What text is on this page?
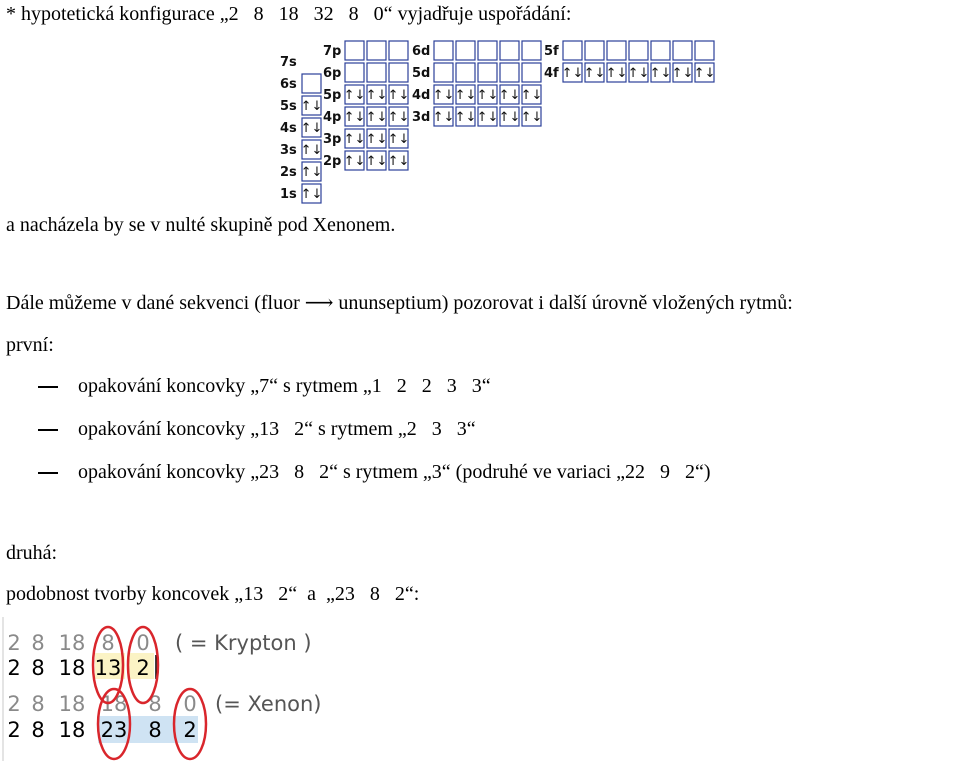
* hypotetická konfigurace „2   8   18   32   8   0“ vyjadřuje uspořádání:
7s
6s
5s ↑↓
4s ↑↓
3s ↑↓
2s ↑↓
1s ↑↓
7p
6p
5p ↑↓ ↑↓ ↑↓
4p ↑↓ ↑↓ ↑↓
3p ↑↓ ↑↓ ↑↓
2p ↑↓ ↑↓ ↑↓
6d
5d
4d ↑↓ ↑↓ ↑↓ ↑↓ ↑↓
3d ↑↓ ↑↓ ↑↓ ↑↓ ↑↓
5f
4f ↑↓ ↑↓ ↑↓ ↑↓ ↑↓ ↑↓ ↑↓
a nacházela by se v nulté skupině pod Xenonem.
Dále můžeme v dané sekvenci (fluor ⟶ ununseptium) pozorovat i další úrovně vložených rytmů:
první:
opakování koncovky „7“ s rytmem „1   2   2   3   3“
opakování koncovky „13   2“ s rytmem „2   3   3“
opakování koncovky „23   8   2“ s rytmem „3“ (podruhé ve variaci „22   9   2“)
druhá:
podobnost tvorby koncovek „13   2“  a  „23   8   2“:
2 8 18 8 0 ( = Krypton )
2 8 18 13 2
2 8 18 18 8 0 (= Xenon)
2 8 18 23 8 2
